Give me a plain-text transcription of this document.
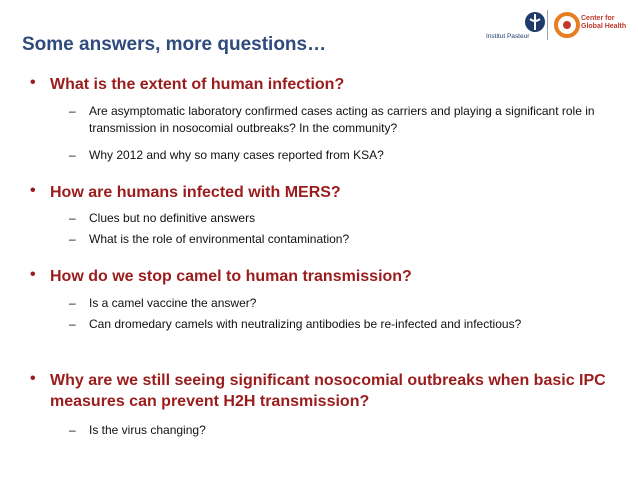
Institut Pasteur
Center for
Global Health
Some answers, more questions…
• What is the extent of human infection?
– Are asymptomatic laboratory confirmed cases acting as carriers and playing a significant role in transmission in nosocomial outbreaks? In the community?
– Why 2012 and why so many cases reported from KSA?
• How are humans infected with MERS?
– Clues but no definitive answers
– What is the role of environmental contamination?
• How do we stop camel to human transmission?
– Is a camel vaccine the answer?
– Can dromedary camels with neutralizing antibodies be re-infected and infectious?
• Why are we still seeing significant nosocomial outbreaks when basic IPC measures can prevent H2H transmission?
– Is the virus changing?
